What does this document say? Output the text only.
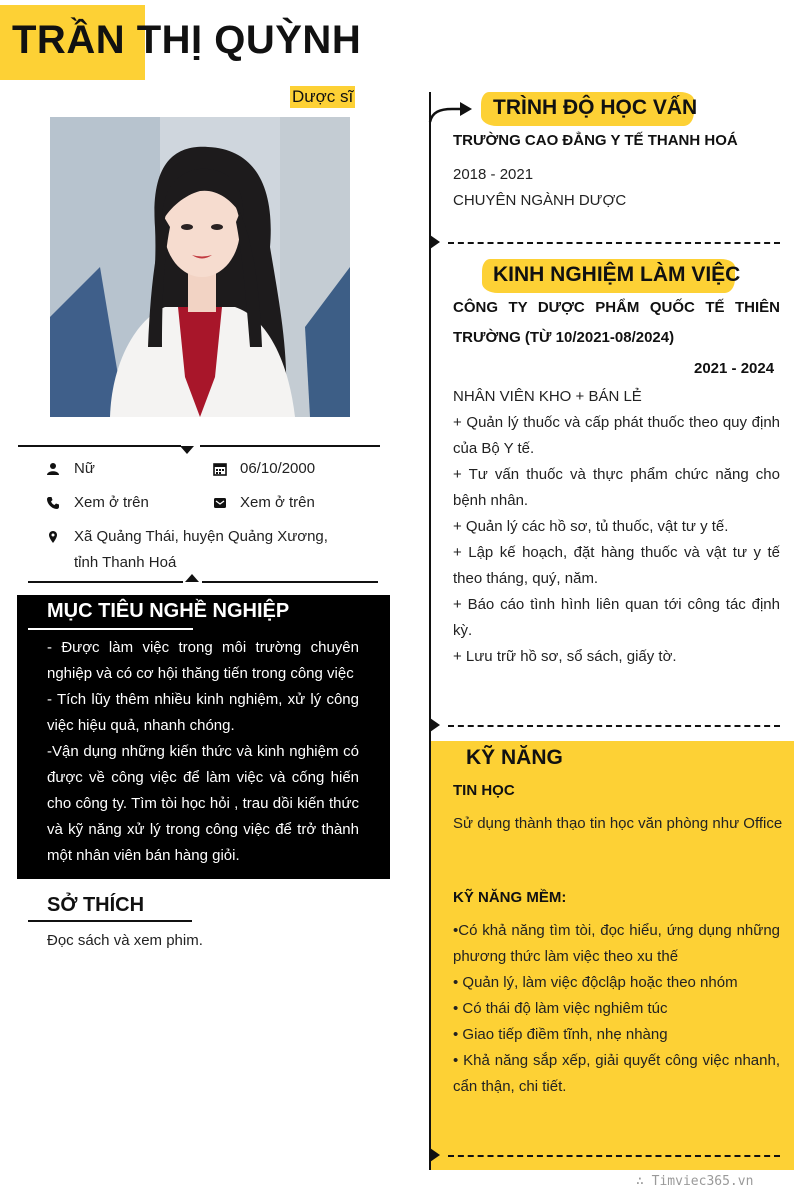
TRẦN THỊ QUỲNH
Dược sĩ
Nữ	06/10/2000
Xem ở trên	Xem ở trên
Xã Quảng Thái, huyện Quảng Xương,
tỉnh Thanh Hoá
MỤC TIÊU NGHỀ NGHIỆP
- Được làm việc trong môi trường chuyên
nghiệp và có cơ hội thăng tiến trong công việc
- Tích lũy thêm nhiều kinh nghiệm, xử lý công
việc hiệu quả, nhanh chóng.
-Vận dụng những kiến thức và kinh nghiệm có
được về công việc để làm việc và cống hiến
cho công ty. Tìm tòi học hỏi , trau dồi kiến thức
và kỹ năng xử lý trong công việc để trở thành
một nhân viên bán hàng giỏi.
SỞ THÍCH
Đọc sách và xem phim.
TRÌNH ĐỘ HỌC VẤN
TRƯỜNG CAO ĐẲNG Y TẾ THANH HOÁ
2018 - 2021
CHUYÊN NGÀNH DƯỢC
KINH NGHIỆM LÀM VIỆC
CÔNG TY DƯỢC PHẨM QUỐC TẾ THIÊN
TRƯỜNG (TỪ 10/2021-08/2024)
2021 - 2024
NHÂN VIÊN KHO + BÁN LẺ
+ Quản lý thuốc và cấp phát thuốc theo quy định
của Bộ Y tế.
+ Tư vấn thuốc và thực phẩm chức năng cho
bệnh nhân.
+ Quản lý các hồ sơ, tủ thuốc, vật tư y tế.
+ Lập kế hoạch, đặt hàng thuốc và vật tư y tế
theo tháng, quý, năm.
+ Báo cáo tình hình liên quan tới công tác định
kỳ.
+ Lưu trữ hồ sơ, sổ sách, giấy tờ.
KỸ NĂNG
TIN HỌC
Sử dụng thành thạo tin học văn phòng như Office
KỸ NĂNG MỀM:
•Có khả năng tìm tòi, đọc hiểu, ứng dụng những
phương thức làm việc theo xu thế
• Quản lý, làm việc độclập hoặc theo nhóm
• Có thái độ làm việc nghiêm túc
• Giao tiếp điềm tĩnh, nhẹ nhàng
• Khả năng sắp xếp, giải quyết công việc nhanh,
cẩn thận, chi tiết.
∴ Timviec365.vn
